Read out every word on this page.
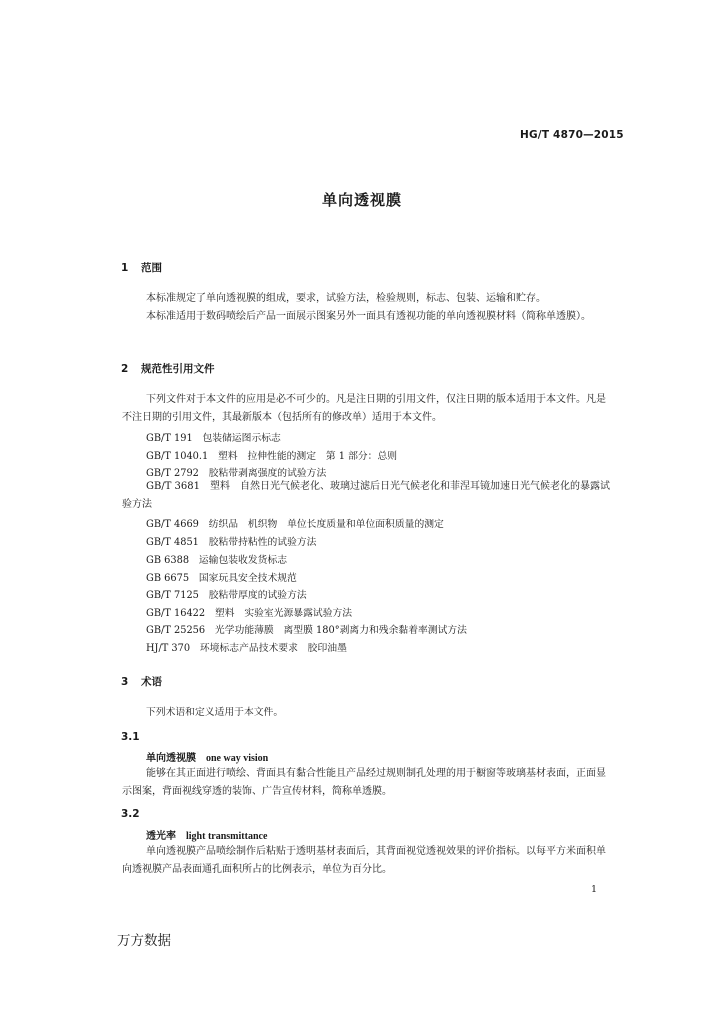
HG/T 4870—2015
单向透视膜
1 范围
本标准规定了单向透视膜的组成，要求，试验方法，检验规则，标志、包装、运输和贮存。
本标准适用于数码喷绘后产品一面展示图案另外一面具有透视功能的单向透视膜材料（简称单透膜）。
2 规范性引用文件
下列文件对于本文件的应用是必不可少的。凡是注日期的引用文件，仅注日期的版本适用于本文件。凡是不注日期的引用文件，其最新版本（包括所有的修改单）适用于本文件。
GB/T 191　包装储运图示标志
GB/T 1040.1　塑料　拉伸性能的测定　第 1 部分：总则
GB/T 2792　胶粘带剥离强度的试验方法
GB/T 3681　塑料　自然日光气候老化、玻璃过滤后日光气候老化和菲涅耳镜加速日光气候老化的暴露试验方法
GB/T 4669　纺织品　机织物　单位长度质量和单位面积质量的测定
GB/T 4851　胶粘带持粘性的试验方法
GB 6388　运输包装收发货标志
GB 6675　国家玩具安全技术规范
GB/T 7125　胶粘带厚度的试验方法
GB/T 16422　塑料　实验室光源暴露试验方法
GB/T 25256　光学功能薄膜　离型膜 180°剥离力和残余黏着率测试方法
HJ/T 370　环境标志产品技术要求　胶印油墨
3 术语
下列术语和定义适用于本文件。
3.1
单向透视膜 one way vision
能够在其正面进行喷绘、背面具有黏合性能且产品经过规则制孔处理的用于橱窗等玻璃基材表面，正面显示图案，背面视线穿透的装饰、广告宣传材料，简称单透膜。
3.2
透光率 light transmittance
单向透视膜产品喷绘制作后粘贴于透明基材表面后，其背面视觉透视效果的评价指标。以每平方米面积单向透视膜产品表面通孔面积所占的比例表示，单位为百分比。
1
万方数据
